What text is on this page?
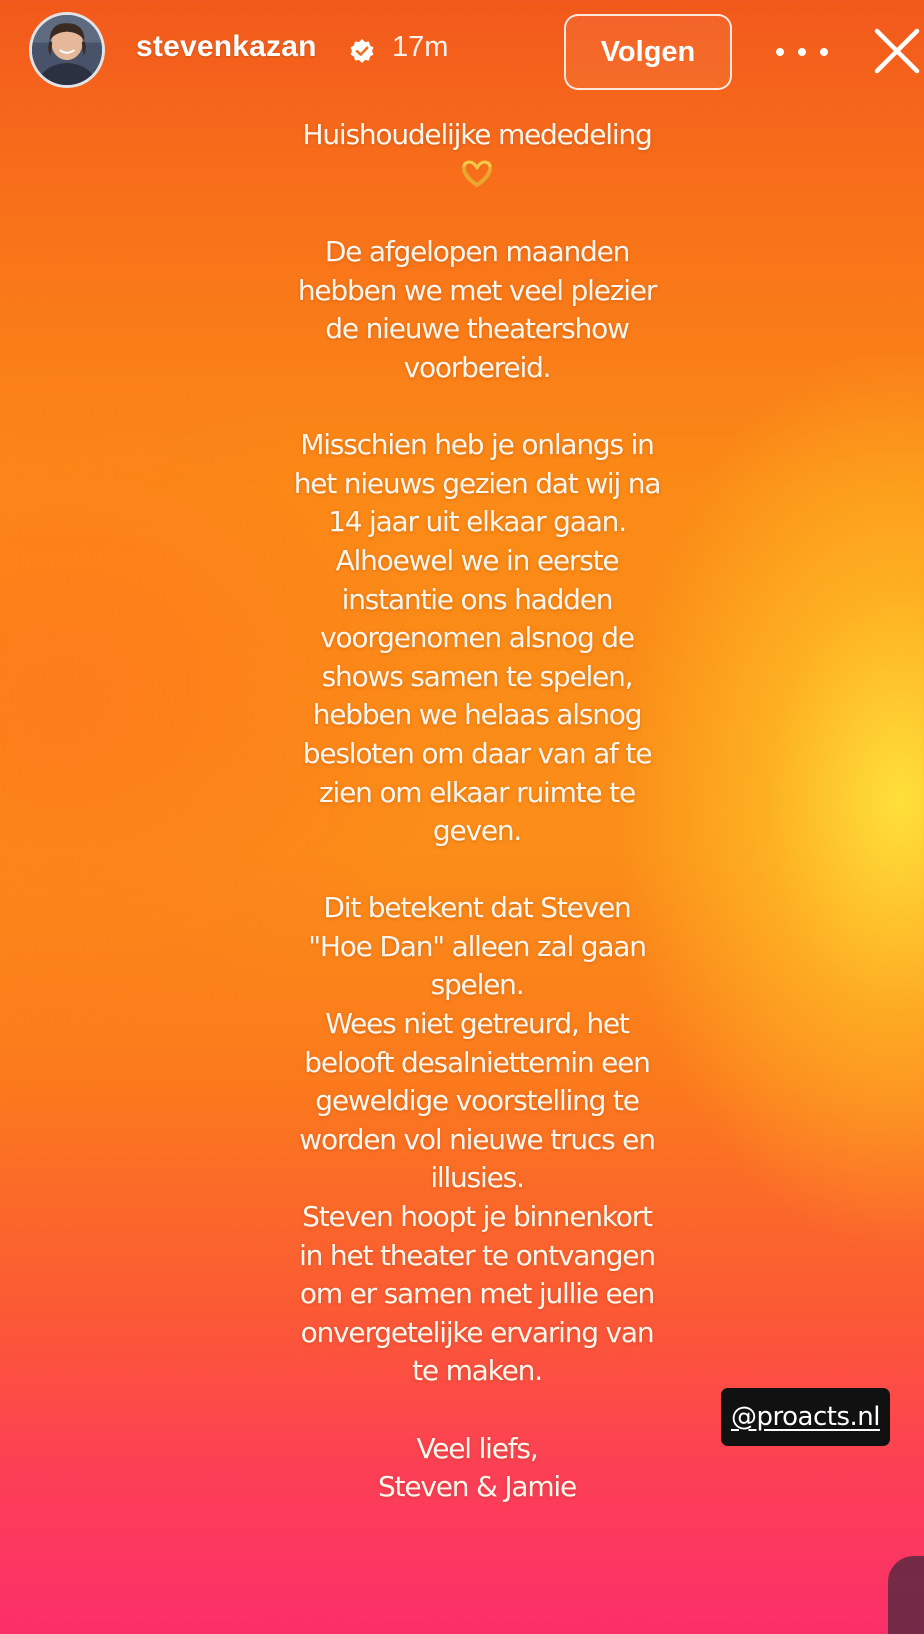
stevenkazan	17m	Volgen
Huishoudelijke mededeling
De afgelopen maanden
hebben we met veel plezier
de nieuwe theatershow
voorbereid.
Misschien heb je onlangs in
het nieuws gezien dat wij na
14 jaar uit elkaar gaan.
Alhoewel we in eerste
instantie ons hadden
voorgenomen alsnog de
shows samen te spelen,
hebben we helaas alsnog
besloten om daar van af te
zien om elkaar ruimte te
geven.
Dit betekent dat Steven
"Hoe Dan" alleen zal gaan
spelen.
Wees niet getreurd, het
belooft desalniettemin een
geweldige voorstelling te
worden vol nieuwe trucs en
illusies.
Steven hoopt je binnenkort
in het theater te ontvangen
om er samen met jullie een
onvergetelijke ervaring van
te maken.
Veel liefs,
Steven & Jamie
@proacts.nl
